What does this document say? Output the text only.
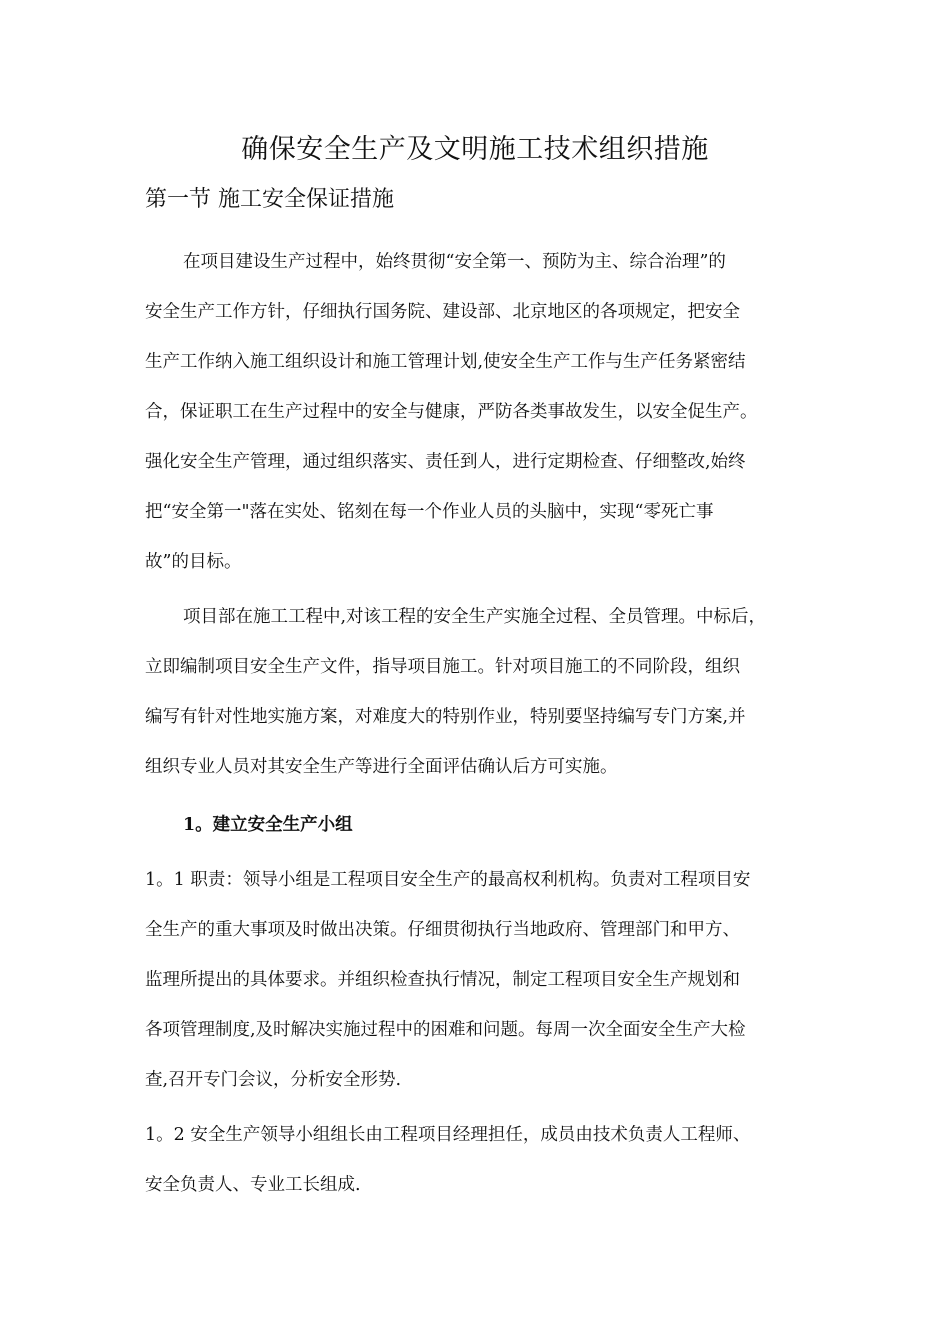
确保安全生产及文明施工技术组织措施
第一节 施工安全保证措施
在项目建设生产过程中，始终贯彻“安全第一、预防为主、综合治理”的
安全生产工作方针，仔细执行国务院、建设部、北京地区的各项规定，把安全
生产工作纳入施工组织设计和施工管理计划,使安全生产工作与生产任务紧密结
合，保证职工在生产过程中的安全与健康，严防各类事故发生，以安全促生产。
强化安全生产管理，通过组织落实、责任到人，进行定期检查、仔细整改,始终
把“安全第一"落在实处、铭刻在每一个作业人员的头脑中，实现“零死亡事
故”的目标。
项目部在施工工程中,对该工程的安全生产实施全过程、全员管理。中标后，
立即编制项目安全生产文件，指导项目施工。针对项目施工的不同阶段，组织
编写有针对性地实施方案，对难度大的特别作业，特别要坚持编写专门方案,并
组织专业人员对其安全生产等进行全面评估确认后方可实施。
1。建立安全生产小组
1。1 职责：领导小组是工程项目安全生产的最高权利机构。负责对工程项目安
全生产的重大事项及时做出决策。仔细贯彻执行当地政府、管理部门和甲方、
监理所提出的具体要求。并组织检查执行情况，制定工程项目安全生产规划和
各项管理制度,及时解决实施过程中的困难和问题。每周一次全面安全生产大检
查,召开专门会议，分析安全形势.
1。2 安全生产领导小组组长由工程项目经理担任，成员由技术负责人工程师、
安全负责人、专业工长组成.
